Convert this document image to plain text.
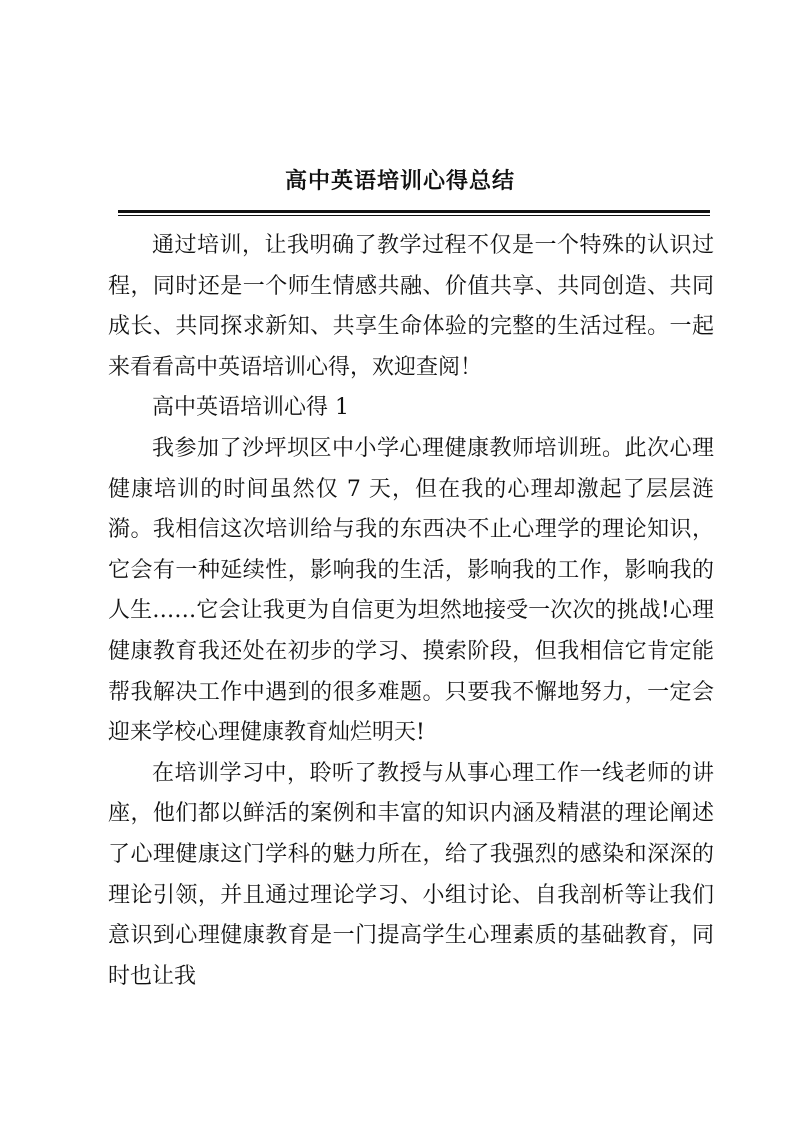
高中英语培训心得总结

通过培训，让我明确了教学过程不仅是一个特殊的认识过程，同时还是一个师生情感共融、价值共享、共同创造、共同成长、共同探求新知、共享生命体验的完整的生活过程。一起来看看高中英语培训心得，欢迎查阅！

高中英语培训心得 1

我参加了沙坪坝区中小学心理健康教师培训班。此次心理健康培训的时间虽然仅 7 天，但在我的心理却激起了层层涟漪。我相信这次培训给与我的东西决不止心理学的理论知识，它会有一种延续性，影响我的生活，影响我的工作，影响我的人生……它会让我更为自信更为坦然地接受一次次的挑战!心理健康教育我还处在初步的学习、摸索阶段，但我相信它肯定能帮我解决工作中遇到的很多难题。只要我不懈地努力，一定会迎来学校心理健康教育灿烂明天!

在培训学习中，聆听了教授与从事心理工作一线老师的讲座，他们都以鲜活的案例和丰富的知识内涵及精湛的理论阐述了心理健康这门学科的魅力所在，给了我强烈的感染和深深的理论引领，并且通过理论学习、小组讨论、自我剖析等让我们意识到心理健康教育是一门提高学生心理素质的基础教育，同时也让我
